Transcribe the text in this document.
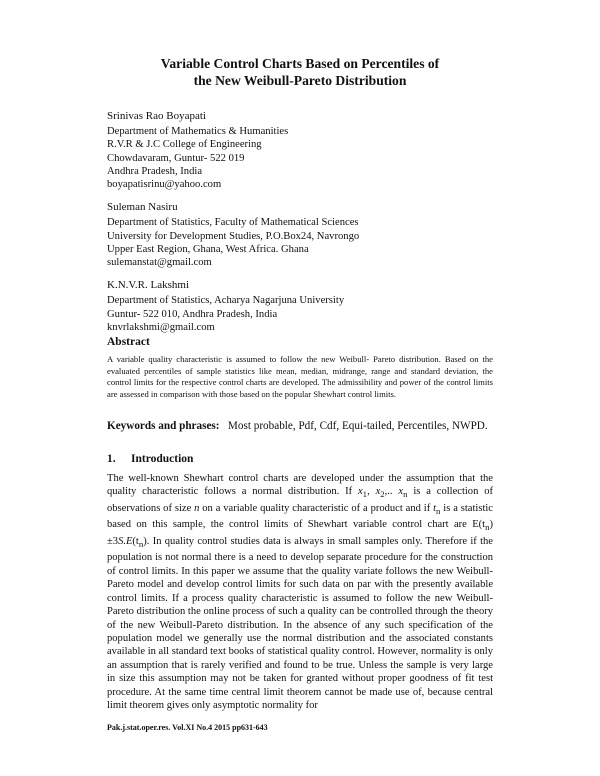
Variable Control Charts Based on Percentiles of
the New Weibull-Pareto Distribution
Srinivas Rao Boyapati
Department of Mathematics & Humanities
R.V.R & J.C College of Engineering
Chowdavaram, Guntur- 522 019
Andhra Pradesh, India
boyapatisrinu@yahoo.com
Suleman Nasiru
Department of Statistics, Faculty of Mathematical Sciences
University for Development Studies, P.O.Box24, Navrongo
Upper East Region, Ghana, West Africa. Ghana
sulemanstat@gmail.com
K.N.V.R. Lakshmi
Department of Statistics, Acharya Nagarjuna University
Guntur- 522 010, Andhra Pradesh, India
knvrlakshmi@gmail.com
Abstract
A variable quality characteristic is assumed to follow the new Weibull- Pareto distribution. Based on the evaluated percentiles of sample statistics like mean, median, midrange, range and standard deviation, the control limits for the respective control charts are developed. The admissibility and power of the control limits are assessed in comparison with those based on the popular Shewhart control limits.
Keywords and phrases: Most probable, Pdf, Cdf, Equi-tailed, Percentiles, NWPD.
1. Introduction
The well-known Shewhart control charts are developed under the assumption that the quality characteristic follows a normal distribution. If $x_1$, $x_2$,.. $x_n$ is a collection of observations of size n on a variable quality characteristic of a product and if $t_n$ is a statistic based on this sample, the control limits of Shewhart variable control chart are $E(t_n)\pm 3S.E(t_n)$. In quality control studies data is always in small samples only. Therefore if the population is not normal there is a need to develop separate procedure for the construction of control limits. In this paper we assume that the quality variate follows the new Weibull-Pareto model and develop control limits for such data on par with the presently available control limits. If a process quality characteristic is assumed to follow the new Weibull-Pareto distribution the online process of such a quality can be controlled through the theory of the new Weibull-Pareto distribution. In the absence of any such specification of the population model we generally use the normal distribution and the associated constants available in all standard text books of statistical quality control. However, normality is only an assumption that is rarely verified and found to be true. Unless the sample is very large in size this assumption may not be taken for granted without proper goodness of fit test procedure. At the same time central limit theorem cannot be made use of, because central limit theorem gives only asymptotic normality for
Pak.j.stat.oper.res. Vol.XI No.4 2015 pp631-643
